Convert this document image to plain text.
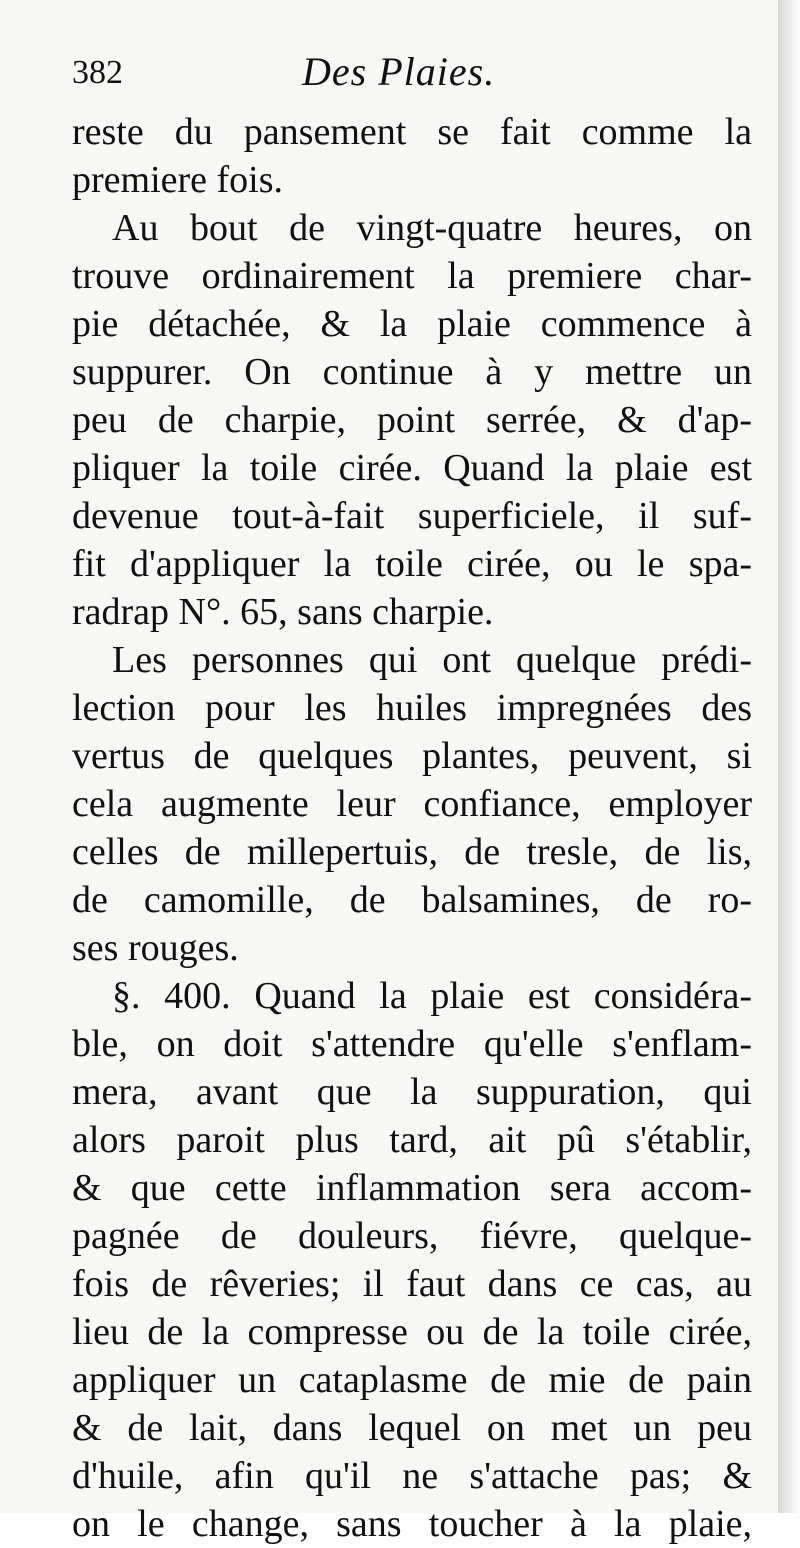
382	Des Plaies.
reste du pansement se fait comme la
premiere fois.
Au bout de vingt-quatre heures, on
trouve ordinairement la premiere char-
pie détachée, & la plaie commence à
suppurer. On continue à y mettre un
peu de charpie, point serrée, & d'ap-
pliquer la toile cirée. Quand la plaie est
devenue tout-à-fait superficiele, il suf-
fit d'appliquer la toile cirée, ou le spa-
radrap N°. 65, sans charpie.
Les personnes qui ont quelque prédi-
lection pour les huiles impregnées des
vertus de quelques plantes, peuvent, si
cela augmente leur confiance, employer
celles de millepertuis, de tresle, de lis,
de camomille, de balsamines, de ro-
ses rouges.
§. 400. Quand la plaie est considéra-
ble, on doit s'attendre qu'elle s'enflam-
mera, avant que la suppuration, qui
alors paroit plus tard, ait pû s'établir,
& que cette inflammation sera accom-
pagnée de douleurs, fiévre, quelque-
fois de rêveries; il faut dans ce cas, au
lieu de la compresse ou de la toile cirée,
appliquer un cataplasme de mie de pain
& de lait, dans lequel on met un peu
d'huile, afin qu'il ne s'attache pas; &
on le change, sans toucher à la plaie,
